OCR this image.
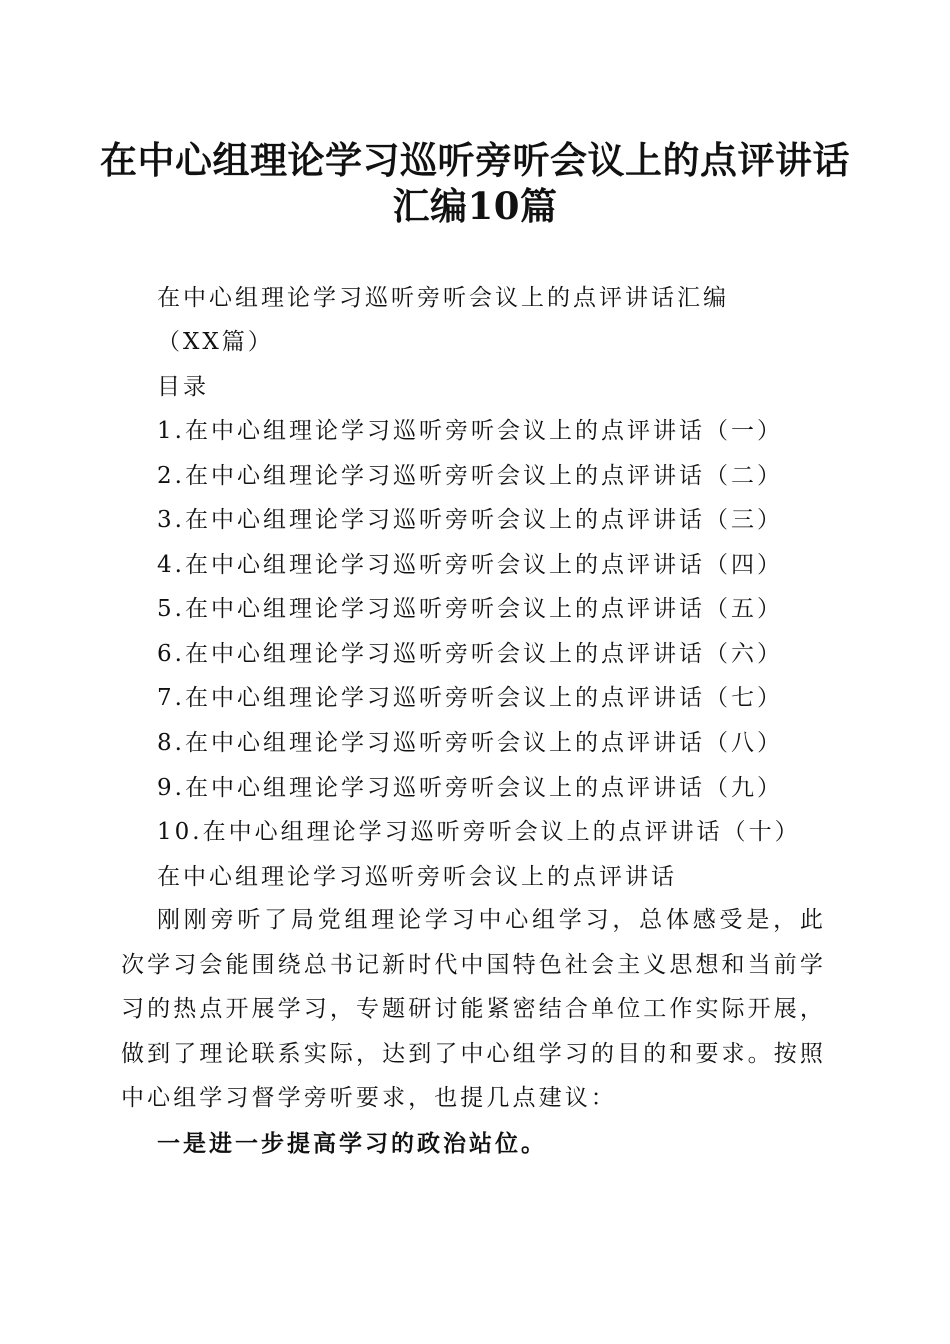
在中心组理论学习巡听旁听会议上的点评讲话
汇编10篇
在中心组理论学习巡听旁听会议上的点评讲话汇编
（XX篇）
目录
1.在中心组理论学习巡听旁听会议上的点评讲话（一）
2.在中心组理论学习巡听旁听会议上的点评讲话（二）
3.在中心组理论学习巡听旁听会议上的点评讲话（三）
4.在中心组理论学习巡听旁听会议上的点评讲话（四）
5.在中心组理论学习巡听旁听会议上的点评讲话（五）
6.在中心组理论学习巡听旁听会议上的点评讲话（六）
7.在中心组理论学习巡听旁听会议上的点评讲话（七）
8.在中心组理论学习巡听旁听会议上的点评讲话（八）
9.在中心组理论学习巡听旁听会议上的点评讲话（九）
10.在中心组理论学习巡听旁听会议上的点评讲话（十）
在中心组理论学习巡听旁听会议上的点评讲话
刚刚旁听了局党组理论学习中心组学习，总体感受是，此次学习会能围绕总书记新时代中国特色社会主义思想和当前学习的热点开展学习，专题研讨能紧密结合单位工作实际开展，做到了理论联系实际，达到了中心组学习的目的和要求。按照中心组学习督学旁听要求，也提几点建议：
一是进一步提高学习的政治站位。
